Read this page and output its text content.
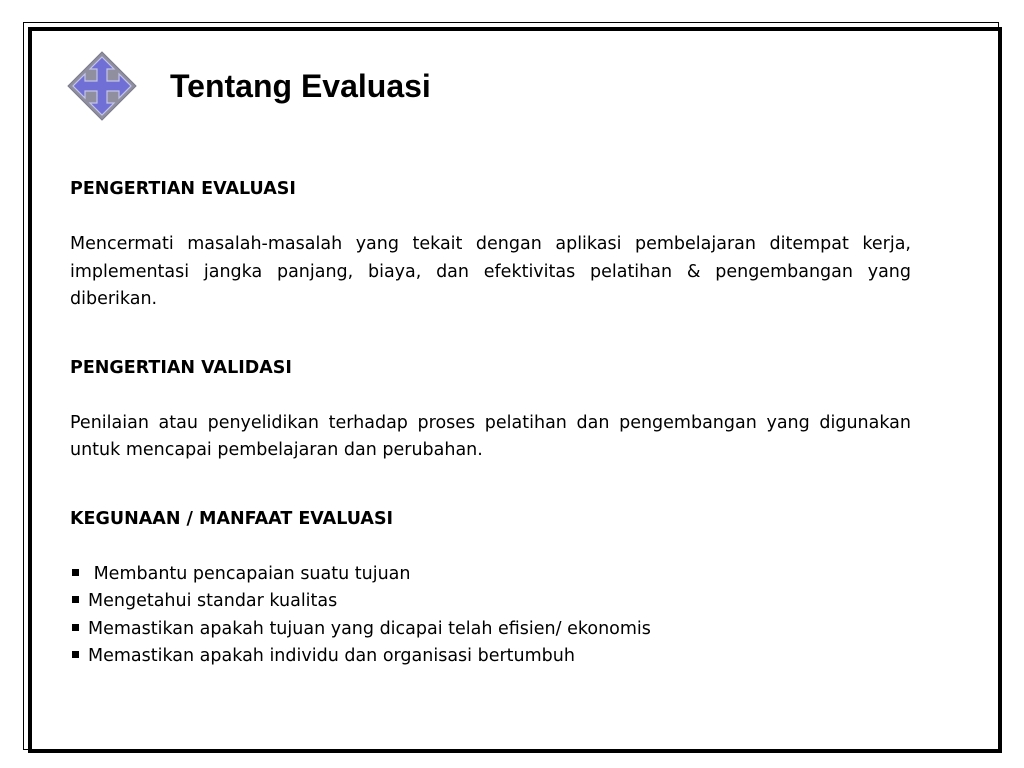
Tentang Evaluasi

PENGERTIAN EVALUASI

Mencermati masalah-masalah yang tekait dengan aplikasi pembelajaran ditempat kerja, implementasi jangka panjang, biaya, dan efektivitas pelatihan & pengembangan yang diberikan.

PENGERTIAN VALIDASI

Penilaian atau penyelidikan terhadap proses pelatihan dan pengembangan yang digunakan untuk mencapai pembelajaran dan perubahan.

KEGUNAAN / MANFAAT EVALUASI

Membantu pencapaian suatu tujuan
Mengetahui standar kualitas
Memastikan apakah tujuan yang dicapai telah efisien/ ekonomis
Memastikan apakah individu dan organisasi bertumbuh
